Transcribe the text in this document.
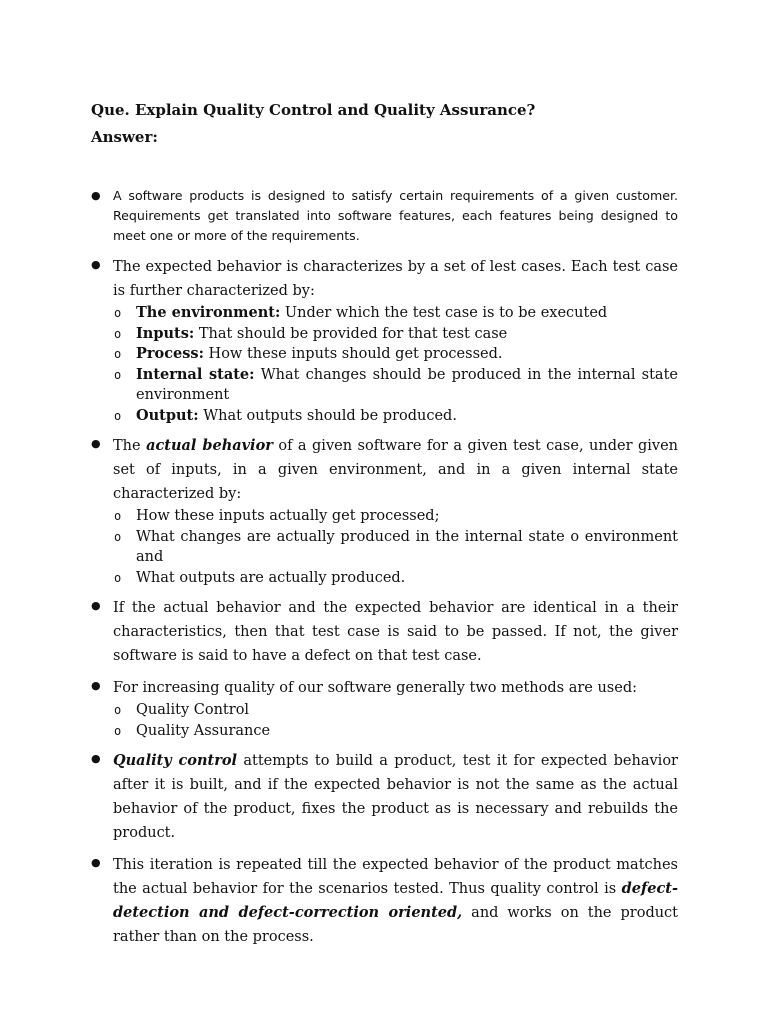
Que. Explain Quality Control and Quality Assurance?

Answer:

● A software products is designed to satisfy certain requirements of a given customer. Requirements get translated into software features, each features being designed to meet one or more of the requirements.
● The expected behavior is characterizes by a set of lest cases. Each test case is further characterized by:
o The environment: Under which the test case is to be executed
o Inputs: That should be provided for that test case
o Process: How these inputs should get processed.
o Internal state: What changes should be produced in the internal state environment
o Output: What outputs should be produced.
● The actual behavior of a given software for a given test case, under given set of inputs, in a given environment, and in a given internal state characterized by:
o How these inputs actually get processed;
o What changes are actually produced in the internal state o environment and
o What outputs are actually produced.
● If the actual behavior and the expected behavior are identical in a their characteristics, then that test case is said to be passed. If not, the giver software is said to have a defect on that test case.
● For increasing quality of our software generally two methods are used:
o Quality Control
o Quality Assurance
● Quality control attempts to build a product, test it for expected behavior after it is built, and if the expected behavior is not the same as the actual behavior of the product, fixes the product as is necessary and rebuilds the product.
● This iteration is repeated till the expected behavior of the product matches the actual behavior for the scenarios tested. Thus quality control is defect-detection and defect-correction oriented, and works on the product rather than on the process.
